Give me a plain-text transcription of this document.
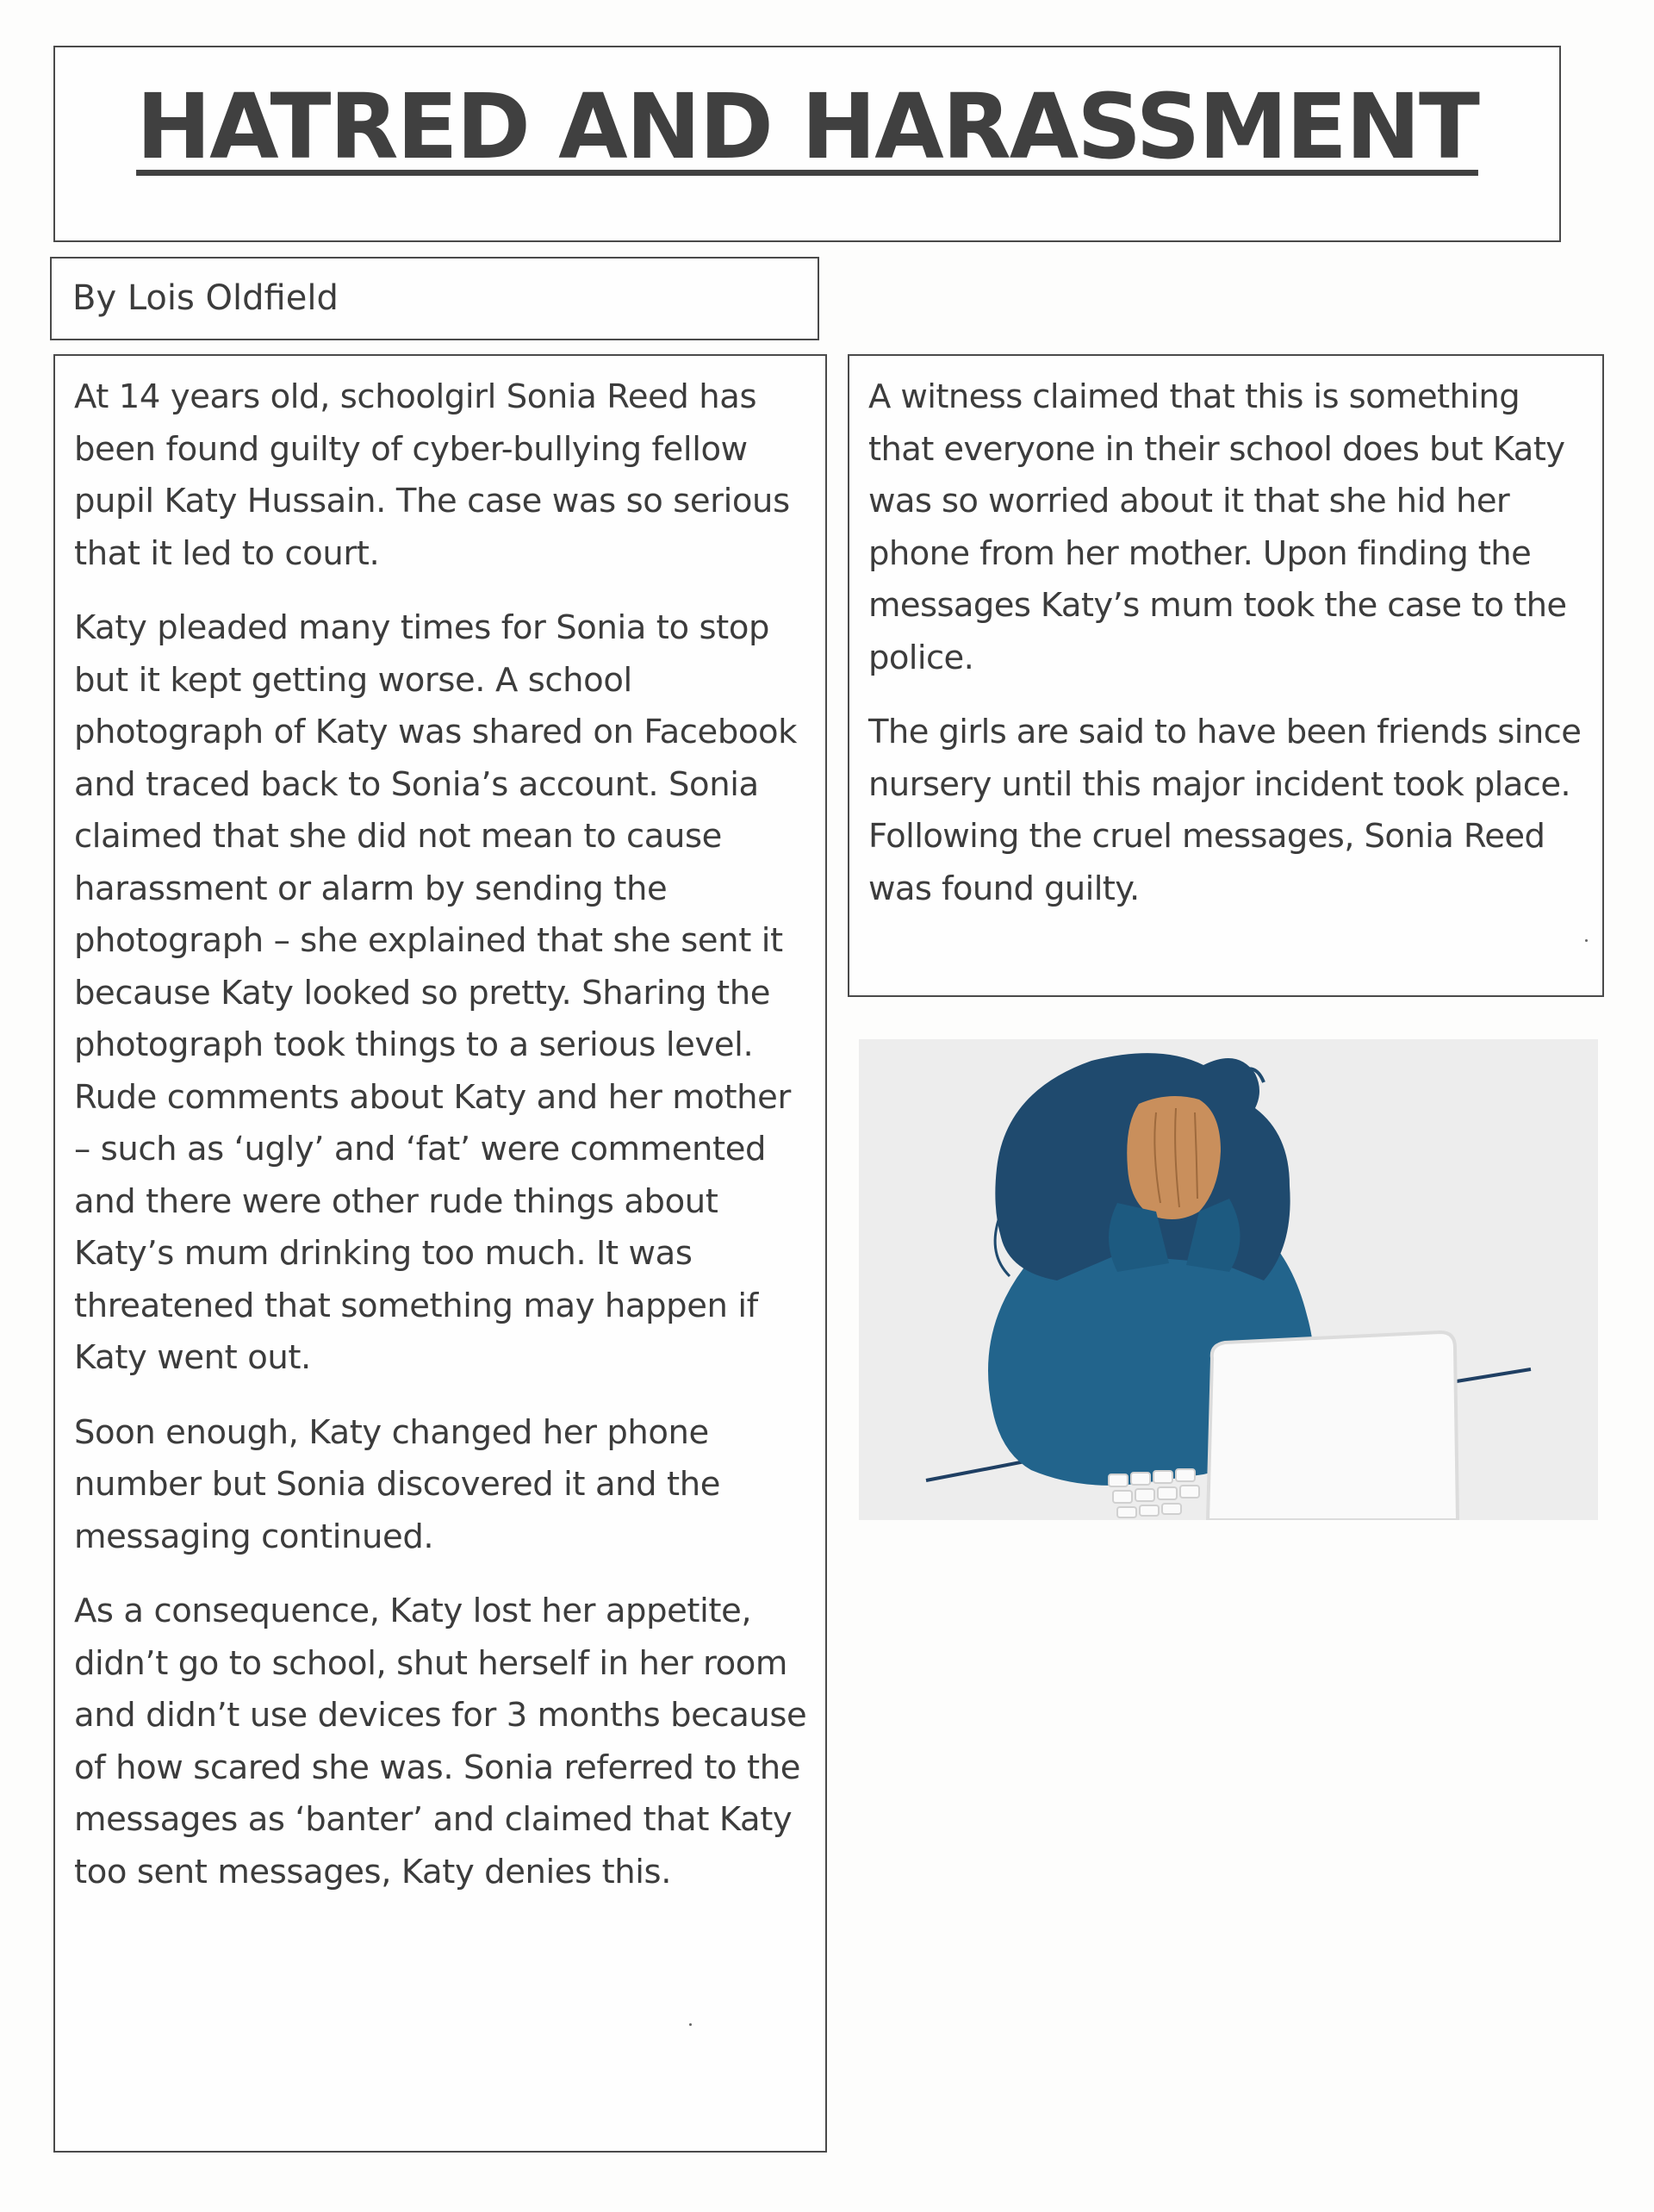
HATRED AND HARASSMENT
By Lois Oldfield

At 14 years old, schoolgirl Sonia Reed has been found guilty of cyber-bullying fellow pupil Katy Hussain. The case was so serious that it led to court.

Katy pleaded many times for Sonia to stop but it kept getting worse. A school photograph of Katy was shared on Facebook and traced back to Sonia’s account. Sonia claimed that she did not mean to cause harassment or alarm by sending the photograph – she explained that she sent it because Katy looked so pretty. Sharing the photograph took things to a serious level. Rude comments about Katy and her mother – such as ‘ugly’ and ‘fat’ were commented and there were other rude things about Katy’s mum drinking too much. It was threatened that something may happen if Katy went out.

Soon enough, Katy changed her phone number but Sonia discovered it and the messaging continued.

As a consequence, Katy lost her appetite, didn’t go to school, shut herself in her room and didn’t use devices for 3 months because of how scared she was. Sonia referred to the messages as ‘banter’ and claimed that Katy too sent messages, Katy denies this.

A witness claimed that this is something that everyone in their school does but Katy was so worried about it that she hid her phone from her mother. Upon finding the messages Katy’s mum took the case to the police.

The girls are said to have been friends since nursery until this major incident took place. Following the cruel messages, Sonia Reed was found guilty.
